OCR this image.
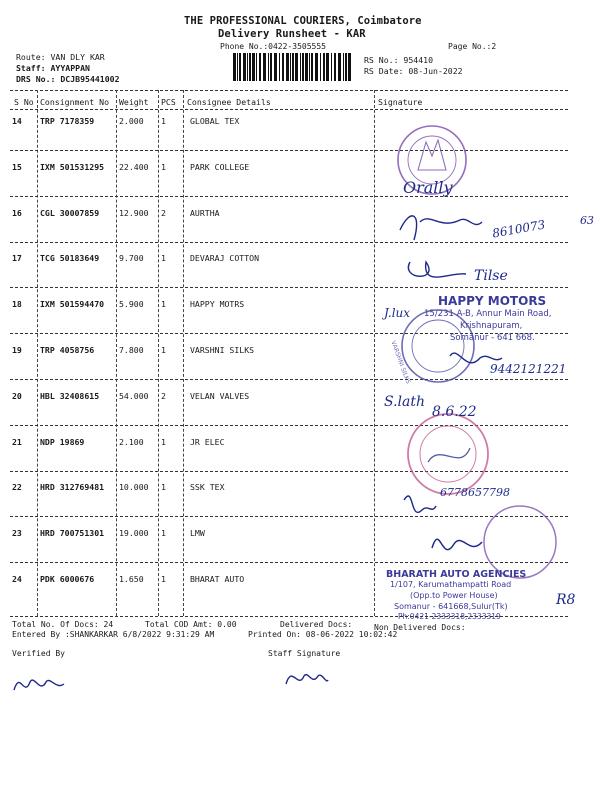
THE PROFESSIONAL COURIERS, Coimbatore
Delivery Runsheet - KAR
Phone No.:0422-3505555	Page No.:2
Route: VAN DLY KAR
Staff: AYYAPPAN
DRS No.: DCJB95441002
RS No.: 954410
RS Date: 08-Jun-2022
S No Consignment No Weight PCS Consignee Details	Signature
14 TRP 7178359	2.000 1	GLOBAL TEX
15 IXM 501531295 22.400 1	PARK COLLEGE
16 CGL 30007859 12.900 2	AURTHA
17 TCG 50183649 9.700 1	DEVARAJ COTTON
18 IXM 501594470 5.900 1	HAPPY MOTRS
19 TRP 4058756	7.800 1	VARSHNI SILKS
20 HBL 32408615 54.000 2	VELAN VALVES
21 NDP 19869	2.100 1	JR ELEC
22 HRD 312769481 10.000 1	SSK TEX
23 HRD 700751301 19.000 1	LMW
24 PDK 6000676	1.650 1	BHARAT AUTO
Orally
8610073	63
Tilse
J.lux
9442121221
S.lath
8.6.22
6778657798
R8
HAPPY MOTORS
15/231 A-B, Annur Main Road,
Krishnapuram,
Somanur - 641 668.
VARSHNI SILKS
BHARATH AUTO AGENCIES
1/107, Karumathampatti Road
(Opp.to Power House)
Somanur - 641668,Sulur(Tk)
Ph:0421-2333318,2333319
Total No. Of Docs: 24	Total COD Amt: 0.00	Delivered Docs:	Non Delivered Docs:
Entered By :SHANKARKAR 6/8/2022 9:31:29 AM	Printed On: 08-06-2022 10:02:42
Verified By	Staff Signature
